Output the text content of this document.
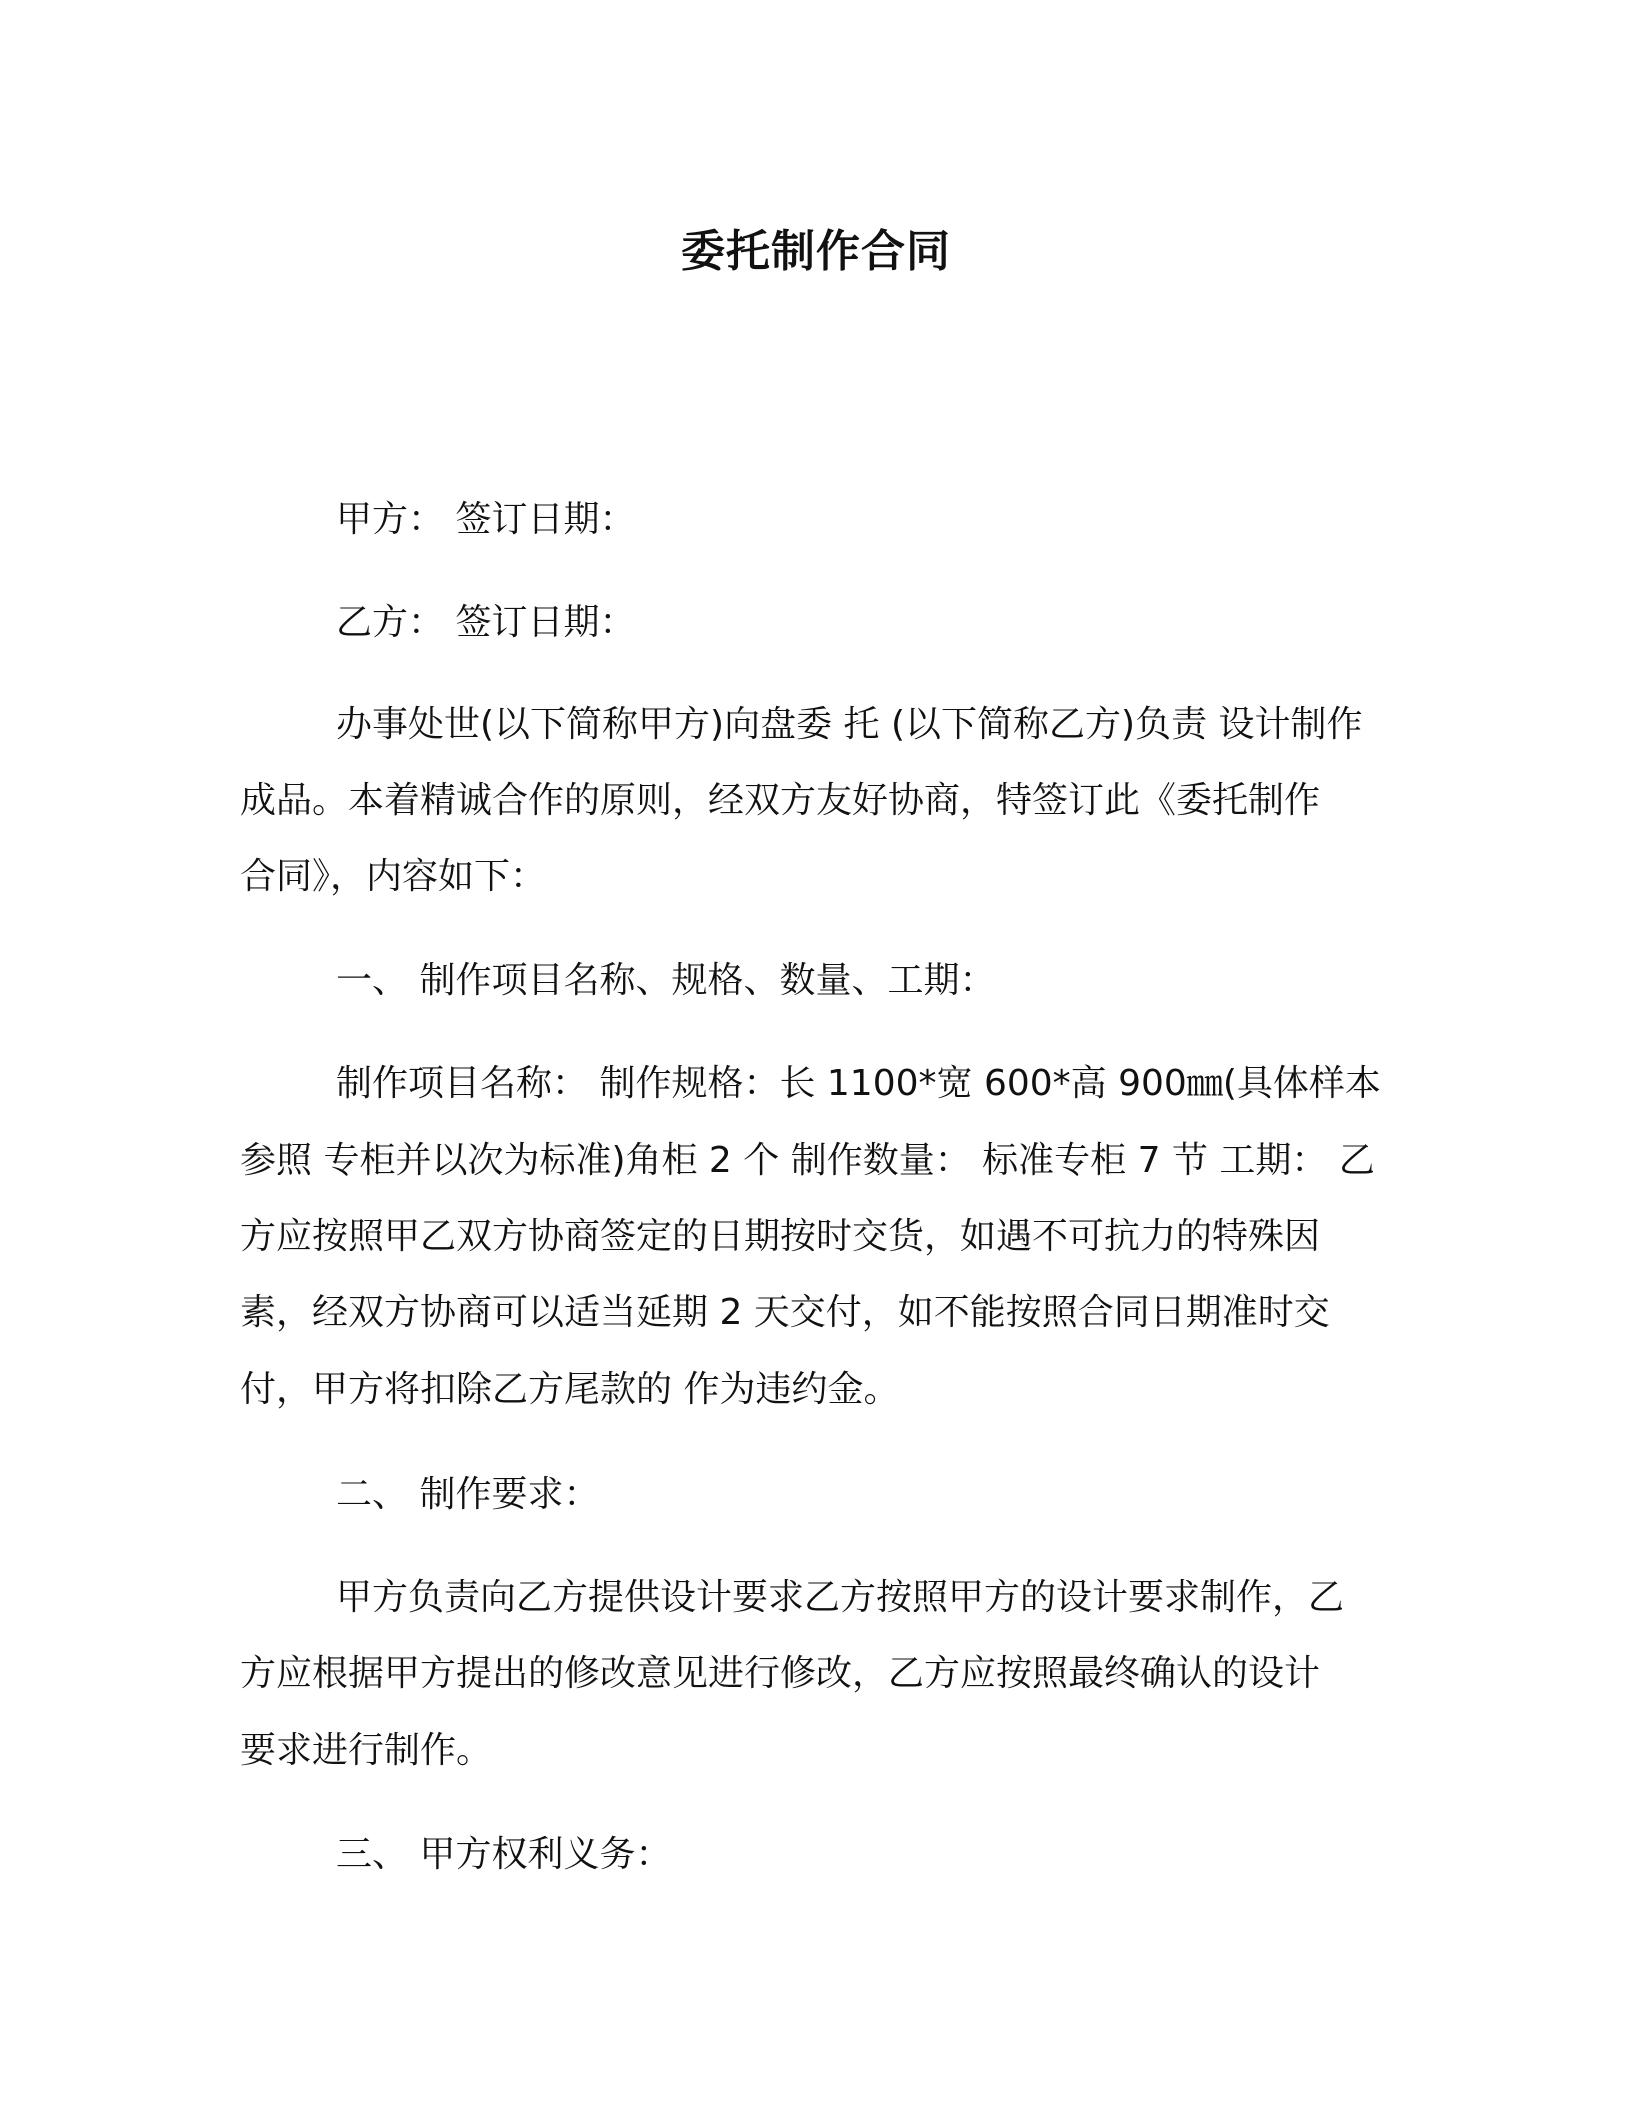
委托制作合同
甲方： 签订日期：
乙方： 签订日期：
办事处世(以下简称甲方)向盘委 托 (以下简称乙方)负责 设计制作
成品。本着精诚合作的原则，经双方友好协商，特签订此《委托制作
合同》，内容如下：
一、 制作项目名称、规格、数量、工期：
制作项目名称： 制作规格：长 1100*宽 600*高 900㎜(具体样本
参照 专柜并以次为标准)角柜 2 个 制作数量： 标准专柜 7 节 工期： 乙
方应按照甲乙双方协商签定的日期按时交货，如遇不可抗力的特殊因
素，经双方协商可以适当延期 2 天交付，如不能按照合同日期准时交
付，甲方将扣除乙方尾款的 作为违约金。
二、 制作要求：
甲方负责向乙方提供设计要求乙方按照甲方的设计要求制作，乙
方应根据甲方提出的修改意见进行修改，乙方应按照最终确认的设计
要求进行制作。
三、 甲方权利义务：
